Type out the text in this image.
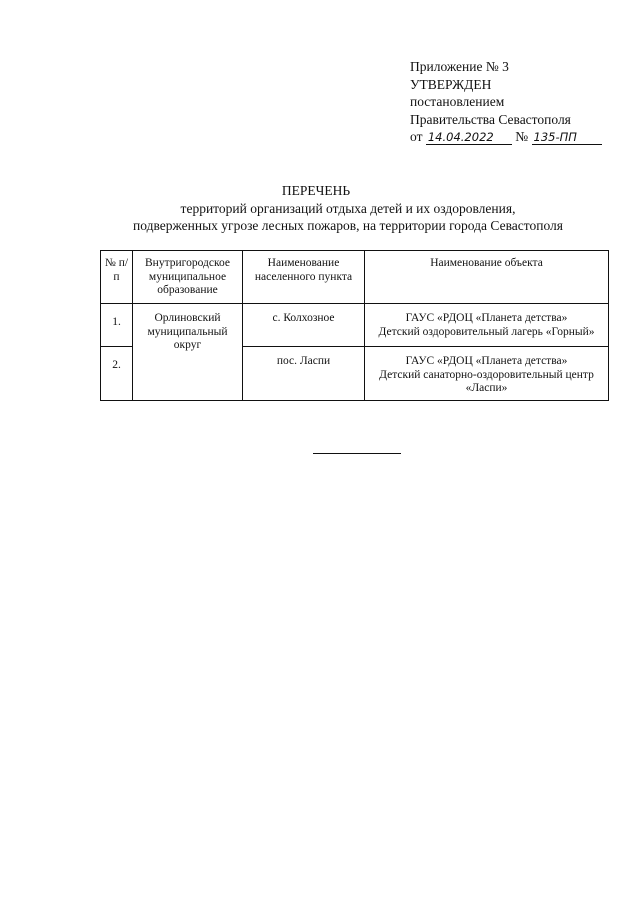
Приложение № 3
УТВЕРЖДЕН
постановлением
Правительства Севастополя
от 14.04.2022 № 135-ПП
ПЕРЕЧЕНЬ
территорий организаций отдыха детей и их оздоровления,
подверженных угрозе лесных пожаров, на территории города Севастополя
№ п/п	Внутригородское муниципальное образование	Наименование населенного пункта	Наименование объекта
1.	Орлиновский муниципальный округ	с. Колхозное	ГАУС «РДОЦ «Планета детства»
Детский оздоровительный лагерь «Горный»

2.		пос. Ласпи	ГАУС «РДОЦ «Планета детства»
Детский санаторно-оздоровительный центр
«Ласпи»
